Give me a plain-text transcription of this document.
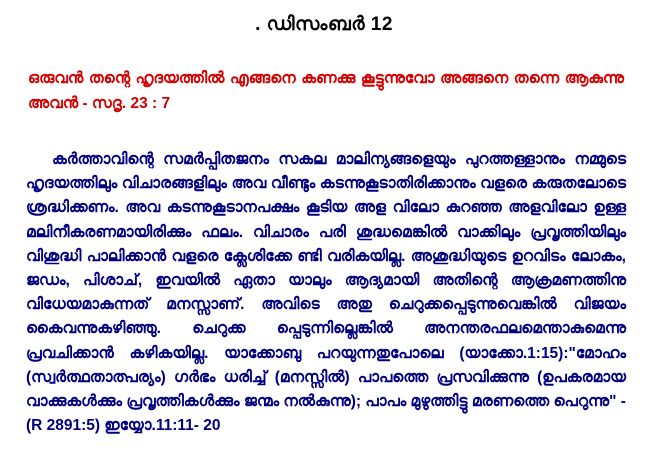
. ഡിസംബർ 12
ഒരുവൻ തന്റെ ഹൃദയത്തിൽ എങ്ങനെ കണക്കു കൂട്ടുന്നുവോ അങ്ങനെ തന്നെ ആകുന്നു അവൻ - സദൃ. 23 : 7

കർത്താവിന്റെ സമർപ്പിതജനം സകല മാലിന്യങ്ങളെയും പുറത്തള്ളാനും നമ്മുടെ ഹൃദയത്തിലും വിചാരങ്ങളിലും അവ വീണ്ടും കടന്നുകൂടാതിരിക്കാനും വളരെ കരുതലോടെ ശ്രദ്ധിക്കണം. അവ കടന്നുകൂടാനപക്ഷം കൂടിയ അള വിലോ കുറഞ്ഞ അളവിലോ ഉള്ള മലിനീകരണമായിരിക്കും ഫലം. വിചാരം പരി ശുദ്ധമെങ്കിൽ വാക്കിലും പ്രവൃത്തിയിലും വിശുദ്ധി പാലിക്കാൻ വളരെ ക്ലേശിക്കേ ണ്ടി വരികയില്ല. അശുദ്ധിയുടെ ഉറവിടം ലോകം, ജഡം, പിശാച്, ഇവയിൽ ഏതാ യാലും ആദ്യമായി അതിന്റെ ആക്രമണത്തിനു വിധേയമാകുന്നത് മനസ്സാണ്. അവിടെ അതു ചെറുക്കപ്പെടുന്നുവെങ്കിൽ വിജയം കൈവന്നുകഴിഞ്ഞു. ചെറുക്ക പ്പെടുന്നില്ലെങ്കിൽ അനന്തരഫലമെന്താകുമെന്നു പ്രവചിക്കാൻ കഴികയില്ല. യാക്കോബു പറയുന്നതുപോലെ (യാക്കോ.1:15):"മോഹം (സ്വർത്ഥതാത്പര്യം) ഗർഭം ധരിച്ച് (മനസ്സിൽ) പാപത്തെ പ്രസവിക്കുന്നു (ഉപകരമായ വാക്കുകൾക്കും പ്രവൃത്തികൾക്കും ജന്മം നൽകുന്നു); പാപം മുഴുത്തിട്ടു മരണത്തെ പെറുന്നു" -

(R 2891:5) ഇയ്യോ.11:11- 20
